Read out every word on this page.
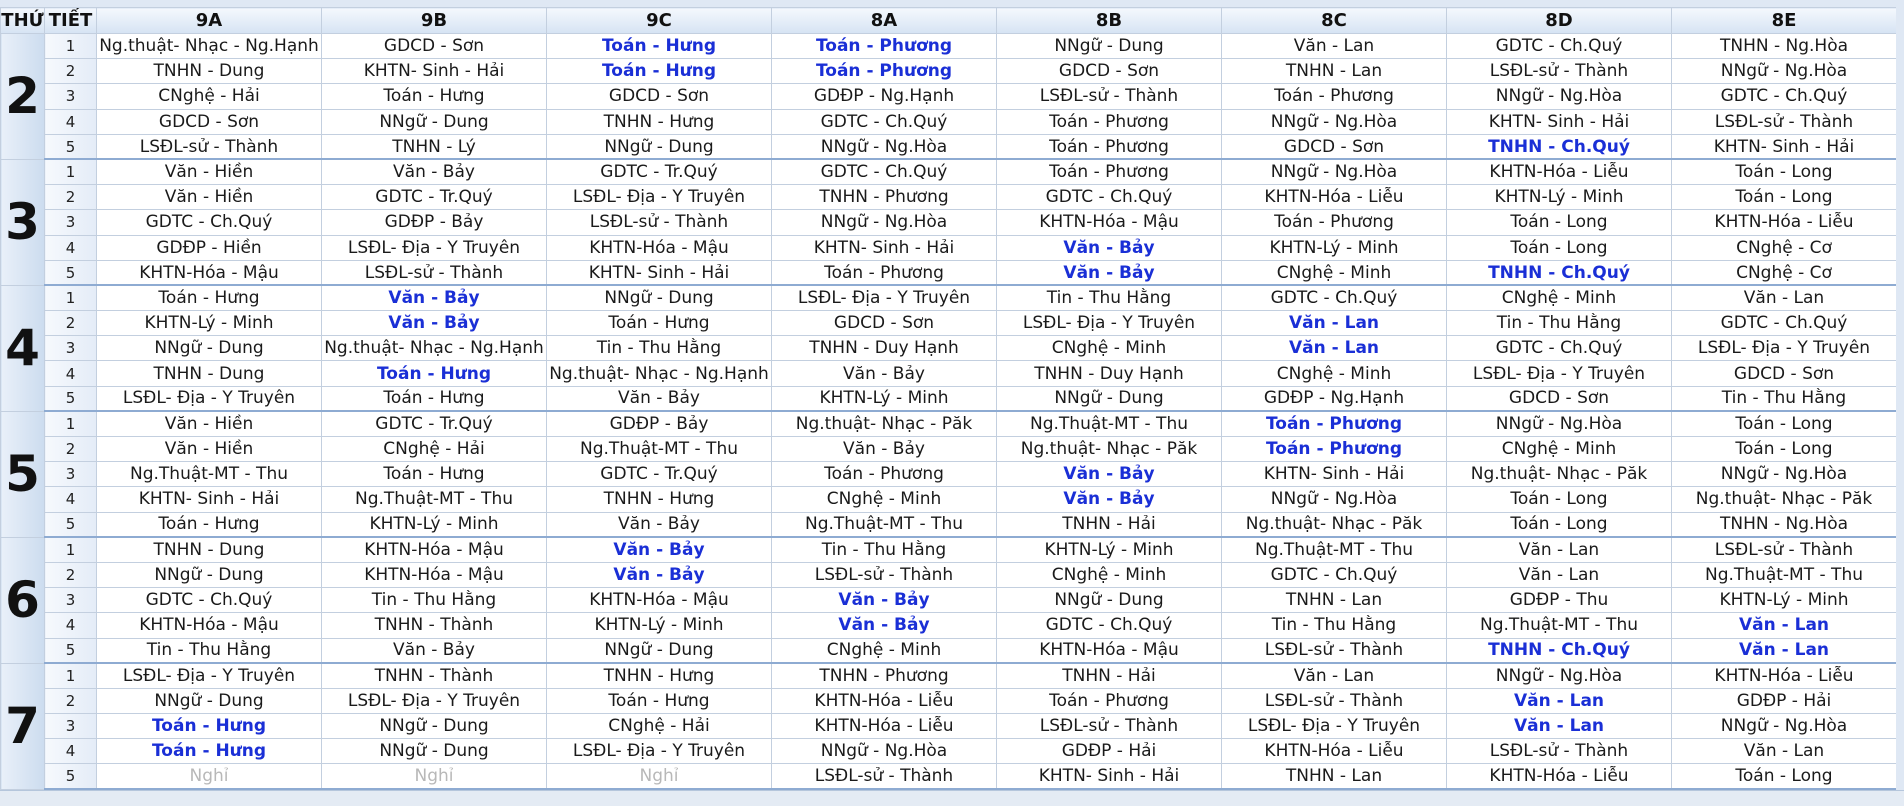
THỨ	TIẾT	9A	9B	9C	8A	8B	8C	8D	8E
2	1	Ng.thuật- Nhạc - Ng.Hạnh	GDCD - Sơn	Toán - Hưng	Toán - Phương	NNgữ - Dung	Văn - Lan	GDTC - Ch.Quý	TNHN - Ng.Hòa
	2	TNHN - Dung	KHTN- Sinh - Hải	Toán - Hưng	Toán - Phương	GDCD - Sơn	TNHN - Lan	LSĐL-sử - Thành	NNgữ - Ng.Hòa
	3	CNghệ - Hải	Toán - Hưng	GDCD - Sơn	GDĐP - Ng.Hạnh	LSĐL-sử - Thành	Toán - Phương	NNgữ - Ng.Hòa	GDTC - Ch.Quý
	4	GDCD - Sơn	NNgữ - Dung	TNHN - Hưng	GDTC - Ch.Quý	Toán - Phương	NNgữ - Ng.Hòa	KHTN- Sinh - Hải	LSĐL-sử - Thành
	5	LSĐL-sử - Thành	TNHN - Lý	NNgữ - Dung	NNgữ - Ng.Hòa	Toán - Phương	GDCD - Sơn	TNHN - Ch.Quý	KHTN- Sinh - Hải
3	1	Văn - Hiền	Văn - Bảy	GDTC - Tr.Quý	GDTC - Ch.Quý	Toán - Phương	NNgữ - Ng.Hòa	KHTN-Hóa - Liễu	Toán - Long
	2	Văn - Hiền	GDTC - Tr.Quý	LSĐL- Địa - Y Truyên	TNHN - Phương	GDTC - Ch.Quý	KHTN-Hóa - Liễu	KHTN-Lý - Minh	Toán - Long
	3	GDTC - Ch.Quý	GDĐP - Bảy	LSĐL-sử - Thành	NNgữ - Ng.Hòa	KHTN-Hóa - Mậu	Toán - Phương	Toán - Long	KHTN-Hóa - Liễu
	4	GDĐP - Hiền	LSĐL- Địa - Y Truyên	KHTN-Hóa - Mậu	KHTN- Sinh - Hải	Văn - Bảy	KHTN-Lý - Minh	Toán - Long	CNghệ - Cơ
	5	KHTN-Hóa - Mậu	LSĐL-sử - Thành	KHTN- Sinh - Hải	Toán - Phương	Văn - Bảy	CNghệ - Minh	TNHN - Ch.Quý	CNghệ - Cơ
4	1	Toán - Hưng	Văn - Bảy	NNgữ - Dung	LSĐL- Địa - Y Truyên	Tin - Thu Hằng	GDTC - Ch.Quý	CNghệ - Minh	Văn - Lan
	2	KHTN-Lý - Minh	Văn - Bảy	Toán - Hưng	GDCD - Sơn	LSĐL- Địa - Y Truyên	Văn - Lan	Tin - Thu Hằng	GDTC - Ch.Quý
	3	NNgữ - Dung	Ng.thuật- Nhạc - Ng.Hạnh	Tin - Thu Hằng	TNHN - Duy Hạnh	CNghệ - Minh	Văn - Lan	GDTC - Ch.Quý	LSĐL- Địa - Y Truyên
	4	TNHN - Dung	Toán - Hưng	Ng.thuật- Nhạc - Ng.Hạnh	Văn - Bảy	TNHN - Duy Hạnh	CNghệ - Minh	LSĐL- Địa - Y Truyên	GDCD - Sơn
	5	LSĐL- Địa - Y Truyên	Toán - Hưng	Văn - Bảy	KHTN-Lý - Minh	NNgữ - Dung	GDĐP - Ng.Hạnh	GDCD - Sơn	Tin - Thu Hằng
5	1	Văn - Hiền	GDTC - Tr.Quý	GDĐP - Bảy	Ng.thuật- Nhạc - Păk	Ng.Thuật-MT - Thu	Toán - Phương	NNgữ - Ng.Hòa	Toán - Long
	2	Văn - Hiền	CNghệ - Hải	Ng.Thuật-MT - Thu	Văn - Bảy	Ng.thuật- Nhạc - Păk	Toán - Phương	CNghệ - Minh	Toán - Long
	3	Ng.Thuật-MT - Thu	Toán - Hưng	GDTC - Tr.Quý	Toán - Phương	Văn - Bảy	KHTN- Sinh - Hải	Ng.thuật- Nhạc - Păk	NNgữ - Ng.Hòa
	4	KHTN- Sinh - Hải	Ng.Thuật-MT - Thu	TNHN - Hưng	CNghệ - Minh	Văn - Bảy	NNgữ - Ng.Hòa	Toán - Long	Ng.thuật- Nhạc - Păk
	5	Toán - Hưng	KHTN-Lý - Minh	Văn - Bảy	Ng.Thuật-MT - Thu	TNHN - Hải	Ng.thuật- Nhạc - Păk	Toán - Long	TNHN - Ng.Hòa
6	1	TNHN - Dung	KHTN-Hóa - Mậu	Văn - Bảy	Tin - Thu Hằng	KHTN-Lý - Minh	Ng.Thuật-MT - Thu	Văn - Lan	LSĐL-sử - Thành
	2	NNgữ - Dung	KHTN-Hóa - Mậu	Văn - Bảy	LSĐL-sử - Thành	CNghệ - Minh	GDTC - Ch.Quý	Văn - Lan	Ng.Thuật-MT - Thu
	3	GDTC - Ch.Quý	Tin - Thu Hằng	KHTN-Hóa - Mậu	Văn - Bảy	NNgữ - Dung	TNHN - Lan	GDĐP - Thu	KHTN-Lý - Minh
	4	KHTN-Hóa - Mậu	TNHN - Thành	KHTN-Lý - Minh	Văn - Bảy	GDTC - Ch.Quý	Tin - Thu Hằng	Ng.Thuật-MT - Thu	Văn - Lan
	5	Tin - Thu Hằng	Văn - Bảy	NNgữ - Dung	CNghệ - Minh	KHTN-Hóa - Mậu	LSĐL-sử - Thành	TNHN - Ch.Quý	Văn - Lan
7	1	LSĐL- Địa - Y Truyên	TNHN - Thành	TNHN - Hưng	TNHN - Phương	TNHN - Hải	Văn - Lan	NNgữ - Ng.Hòa	KHTN-Hóa - Liễu
	2	NNgữ - Dung	LSĐL- Địa - Y Truyên	Toán - Hưng	KHTN-Hóa - Liễu	Toán - Phương	LSĐL-sử - Thành	Văn - Lan	GDĐP - Hải
	3	Toán - Hưng	NNgữ - Dung	CNghệ - Hải	KHTN-Hóa - Liễu	LSĐL-sử - Thành	LSĐL- Địa - Y Truyên	Văn - Lan	NNgữ - Ng.Hòa
	4	Toán - Hưng	NNgữ - Dung	LSĐL- Địa - Y Truyên	NNgữ - Ng.Hòa	GDĐP - Hải	KHTN-Hóa - Liễu	LSĐL-sử - Thành	Văn - Lan
	5	Nghỉ	Nghỉ	Nghỉ	LSĐL-sử - Thành	KHTN- Sinh - Hải	TNHN - Lan	KHTN-Hóa - Liễu	Toán - Long
